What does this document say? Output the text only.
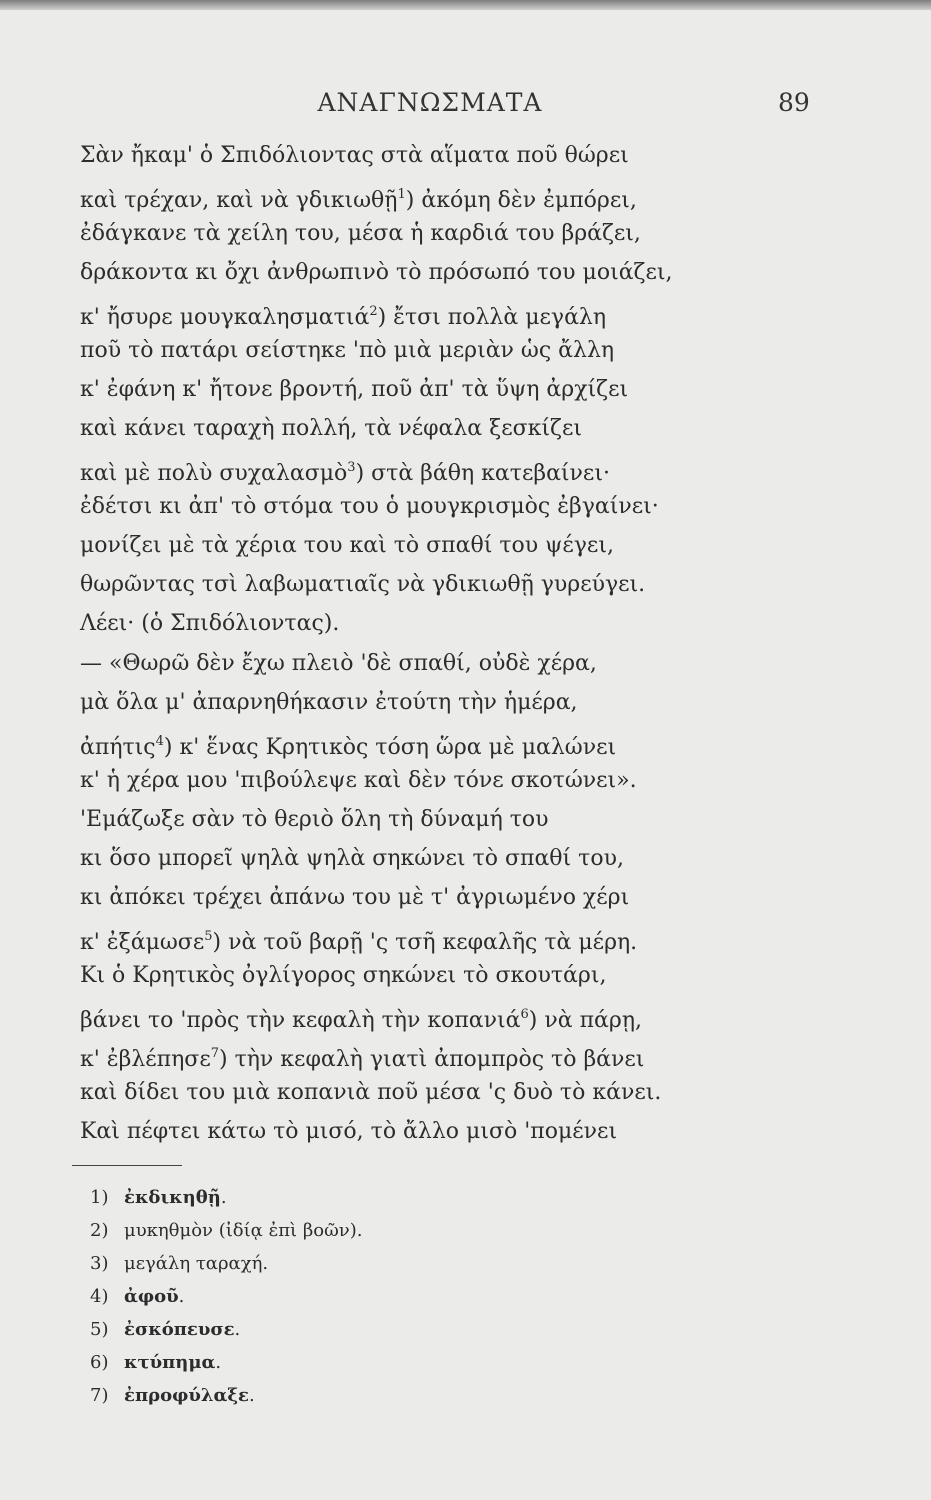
ΑΝΑΓΝΩΣΜΑΤΑ	89
Σὰν ἤκαμ' ὁ Σπιδόλιοντας στὰ αἵματα ποῦ θώρει
καὶ τρέχαν, καὶ νὰ γδικιωθῇ$^1$) ἀκόμη δὲν ἐμπόρει,
ἐδάγκανε τὰ χείλη του, μέσα ἡ καρδιά του βράζει,
δράκοντα κι ὄχι ἀνθρωπινὸ τὸ πρόσωπό του μοιάζει,
κ' ἤσυρε μουγκαλησματιά$^2$) ἔτσι πολλὰ μεγάλη
ποῦ τὸ πατάρι σείστηκε 'πὸ μιὰ μεριὰν ὡς ἄλλη
κ' ἐφάνη κ' ἤτονε βροντή, ποῦ ἀπ' τὰ ὕψη ἀρχίζει
καὶ κάνει ταραχὴ πολλή, τὰ νέφαλα ξεσκίζει
καὶ μὲ πολὺ συχαλασμὸ$^3$) στὰ βάθη κατεβαίνει·
ἐδέτσι κι ἀπ' τὸ στόμα του ὁ μουγκρισμὸς ἐβγαίνει·
μονίζει μὲ τὰ χέρια του καὶ τὸ σπαθί του ψέγει,
θωρῶντας τσὶ λαβωματιαῖς νὰ γδικιωθῇ γυρεύγει.
Λέει· (ὁ Σπιδόλιοντας).
— «Θωρῶ δὲν ἔχω πλειὸ 'δὲ σπαθί, οὐδὲ χέρα,
μὰ ὅλα μ' ἀπαρνηθήκασιν ἐτούτη τὴν ἡμέρα,
ἀπήτις$^4$) κ' ἕνας Κρητικὸς τόση ὥρα μὲ μαλώνει
κ' ἡ χέρα μου 'πιβούλεψε καὶ δὲν τόνε σκοτώνει».
'Εμάζωξε σὰν τὸ θεριὸ ὅλη τὴ δύναμή του
κι ὅσο μπορεῖ ψηλὰ ψηλὰ σηκώνει τὸ σπαθί του,
κι ἀπόκει τρέχει ἀπάνω του μὲ τ' ἀγριωμένο χέρι
κ' ἐξάμωσε$^5$) νὰ τοῦ βαρῇ 'ς τσῆ κεφαλῆς τὰ μέρη.
Κι ὁ Κρητικὸς ὀγλίγορος σηκώνει τὸ σκουτάρι,
βάνει το 'πρὸς τὴν κεφαλὴ τὴν κοπανιά$^6$) νὰ πάρῃ,
κ' ἐβλέπησε$^7$) τὴν κεφαλὴ γιατὶ ἀπομπρὸς τὸ βάνει
1) ἐκδικηθῇ.
2) μυκηθμὸν (ἰδίᾳ ἐπὶ βοῶν).
3) μεγάλη ταραχή.
4) ἀφοῦ.
5) ἐσκόπευσε.
6) κτύπημα.
7) ἐπροφύλαξε.
καὶ δίδει του μιὰ κοπανιὰ ποῦ μέσα 'ς δυὸ τὸ κάνει.
Καὶ πέφτει κάτω τὸ μισό, τὸ ἄλλο μισὸ 'πομένει
